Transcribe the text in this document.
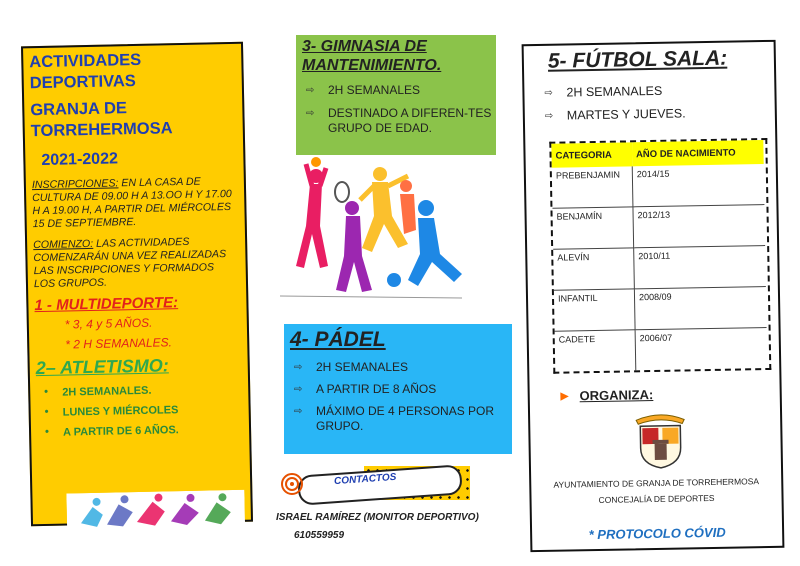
ACTIVIDADES
DEPORTIVAS
GRANJA DE
TORREHERMOSA
2021-2022
INSCRIPCIONES: EN LA CASA DE CULTURA DE 09.00 H A 13.OO H Y 17.00 H A 19.00 H, A PARTIR DEL MIÉRCOLES 15 DE SEPTIEMBRE.
COMIENZO: LAS ACTIVIDADES COMENZARÁN UNA VEZ REALIZADAS LAS INSCRIPCIONES Y FORMADOS LOS GRUPOS.
1 - MULTIDEPORTE:
* 3, 4 y 5 AÑOS.
* 2 H SEMANALES.
2– ATLETISMO:
• 2H SEMANALES.
• LUNES Y MIÉRCOLES
• A PARTIR DE 6 AÑOS.
3- GIMNASIA DE
MANTENIMIENTO.
⇨ 2H SEMANALES
⇨ DESTINADO A DIFEREN-TES GRUPO DE EDAD.
4- PÁDEL
⇨ 2H SEMANALES
⇨ A PARTIR DE 8 AÑOS
⇨ MÁXIMO DE 4 PERSONAS POR GRUPO.
CONTACTOS
ISRAEL RAMÍREZ (MONITOR DEPORTIVO)
610559959
5- FÚTBOL SALA:
⇨ 2H SEMANALES
⇨ MARTES Y JUEVES.
CATEGORIA	AÑO DE NACIMIENTO
PREBENJAMIN	2014/15
BENJAMÍN	2012/13
ALEVÍN	2010/11
INFANTIL	2008/09
CADETE	2006/07
► ORGANIZA:
AYUNTAMIENTO DE GRANJA DE TORREHERMOSA
CONCEJALÍA DE DEPORTES
* PROTOCOLO CÓVID
